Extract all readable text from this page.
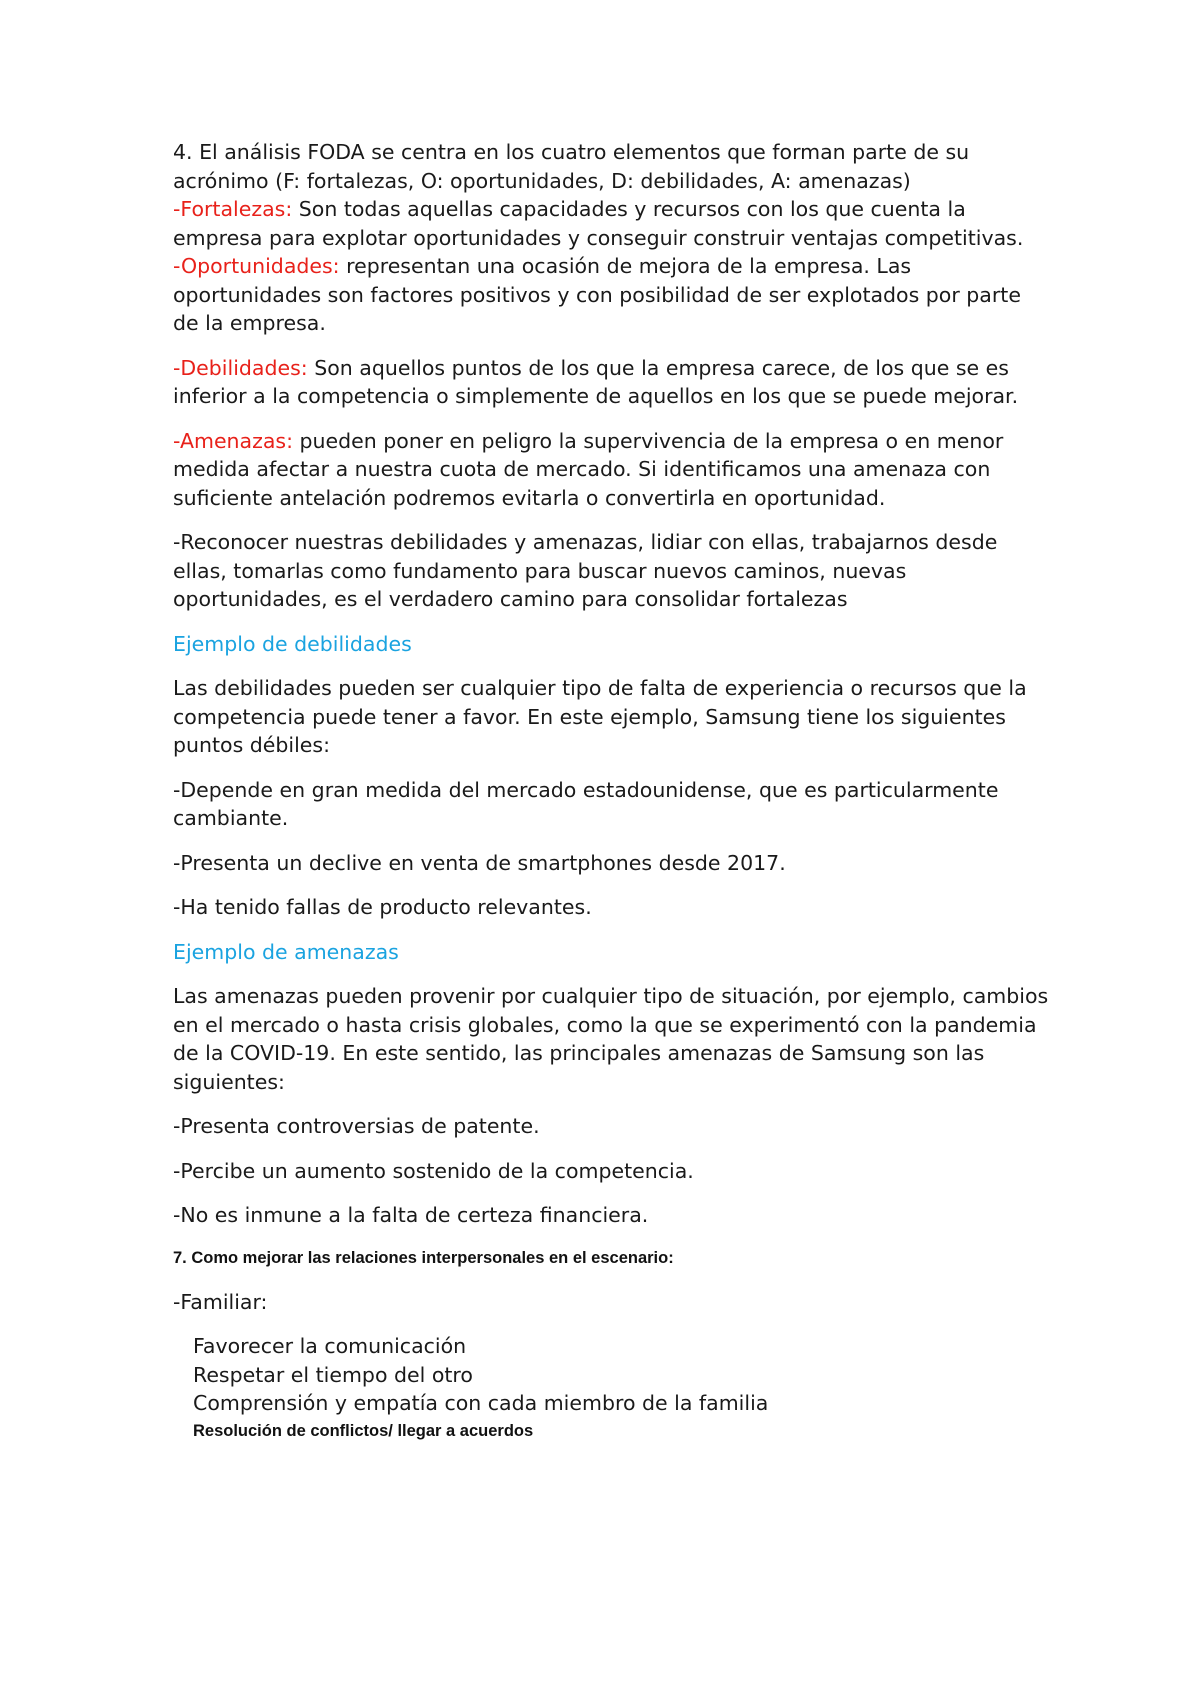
4. El análisis FODA se centra en los cuatro elementos que forman parte de su acrónimo (F: fortalezas, O: oportunidades, D: debilidades, A: amenazas)
-Fortalezas: Son todas aquellas capacidades y recursos con los que cuenta la empresa para explotar oportunidades y conseguir construir ventajas competitivas.
-Oportunidades: representan una ocasión de mejora de la empresa. Las oportunidades son factores positivos y con posibilidad de ser explotados por parte de la empresa.
-Debilidades: Son aquellos puntos de los que la empresa carece, de los que se es inferior a la competencia o simplemente de aquellos en los que se puede mejorar.
-Amenazas: pueden poner en peligro la supervivencia de la empresa o en menor medida afectar a nuestra cuota de mercado. Si identificamos una amenaza con suficiente antelación podremos evitarla o convertirla en oportunidad.
-Reconocer nuestras debilidades y amenazas, lidiar con ellas, trabajarnos desde ellas, tomarlas como fundamento para buscar nuevos caminos, nuevas oportunidades, es el verdadero camino para consolidar fortalezas
Ejemplo de debilidades
Las debilidades pueden ser cualquier tipo de falta de experiencia o recursos que la competencia puede tener a favor. En este ejemplo, Samsung tiene los siguientes puntos débiles:
-Depende en gran medida del mercado estadounidense, que es particularmente cambiante.
-Presenta un declive en venta de smartphones desde 2017.
-Ha tenido fallas de producto relevantes.
Ejemplo de amenazas
Las amenazas pueden provenir por cualquier tipo de situación, por ejemplo, cambios en el mercado o hasta crisis globales, como la que se experimentó con la pandemia de la COVID-19. En este sentido, las principales amenazas de Samsung son las siguientes:
-Presenta controversias de patente.
-Percibe un aumento sostenido de la competencia.
-No es inmune a la falta de certeza financiera.
7. Como mejorar las relaciones interpersonales en el escenario:
-Familiar:
Favorecer la comunicación
Respetar el tiempo del otro
Comprensión y empatía con cada miembro de la familia
Resolución de conflictos/ llegar a acuerdos
